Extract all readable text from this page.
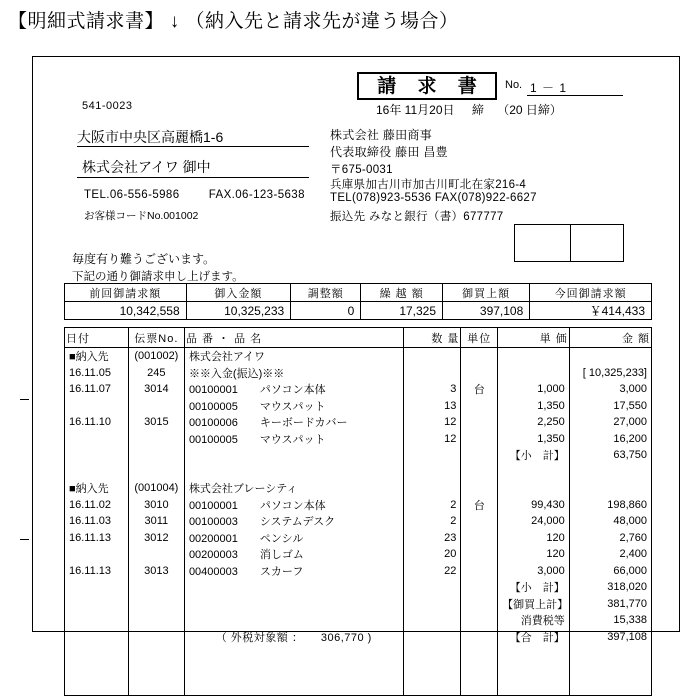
【明細式請求書】 ↓ （納入先と請求先が違う場合）
541-0023
大阪市中央区高麗橋1-6
株式会社アイワ 御中
TEL.06-556-5986	FAX.06-123-5638
お客様コードNo.001002
請 求 書	No. 1 － 1
16年 11月20日 締 （20 日締）
株式会社 藤田商事
代表取締役 藤田 昌豊
〒675-0031
兵庫県加古川市加古川町北在家216-4
TEL(078)923-5536 FAX(078)922-6627
振込先 みなと銀行（書）677777
毎度有り難うございます。
下記の通り御請求申し上げます。
前回御請求額	御入金額	調整額	繰 越 額	御買上額	今回御請求額
10,342,558	10,325,233	0	17,325	397,108	￥414,433
日付	伝票No.	品 番 ・ 品 名	数 量	単位	単 価	金 額
■納入先	(001002)	株式会社アイワ				
16.11.05	245	※※入金(振込)※※				[ 10,325,233]
16.11.07	3014	00100001　　パソコン本体	3	台	1,000	3,000
		00100005　　マウスパット	13		1,350	17,550
16.11.10	3015	00100006　　キーボードカバー	12		2,250	27,000
		00100005　　マウスパット	12		1,350	16,200
					【小　計】	63,750

■納入先	(001004)	株式会社ブレーシティ				
16.11.02	3010	00100001　　パソコン本体	2	台	99,430	198,860
16.11.03	3011	00100003　　システムデスク	2		24,000	48,000
16.11.13	3012	00200001　　ペンシル	23		120	2,760
		00200003　　消しゴム	20		120	2,400
16.11.13	3013	00400003　　スカーフ	22		3,000	66,000
					【小　計】	318,020
					【御買上計】	381,770
					消費税等	15,338
		（ 外税対象額 ：　　306,770 )			【合　計】	397,108
